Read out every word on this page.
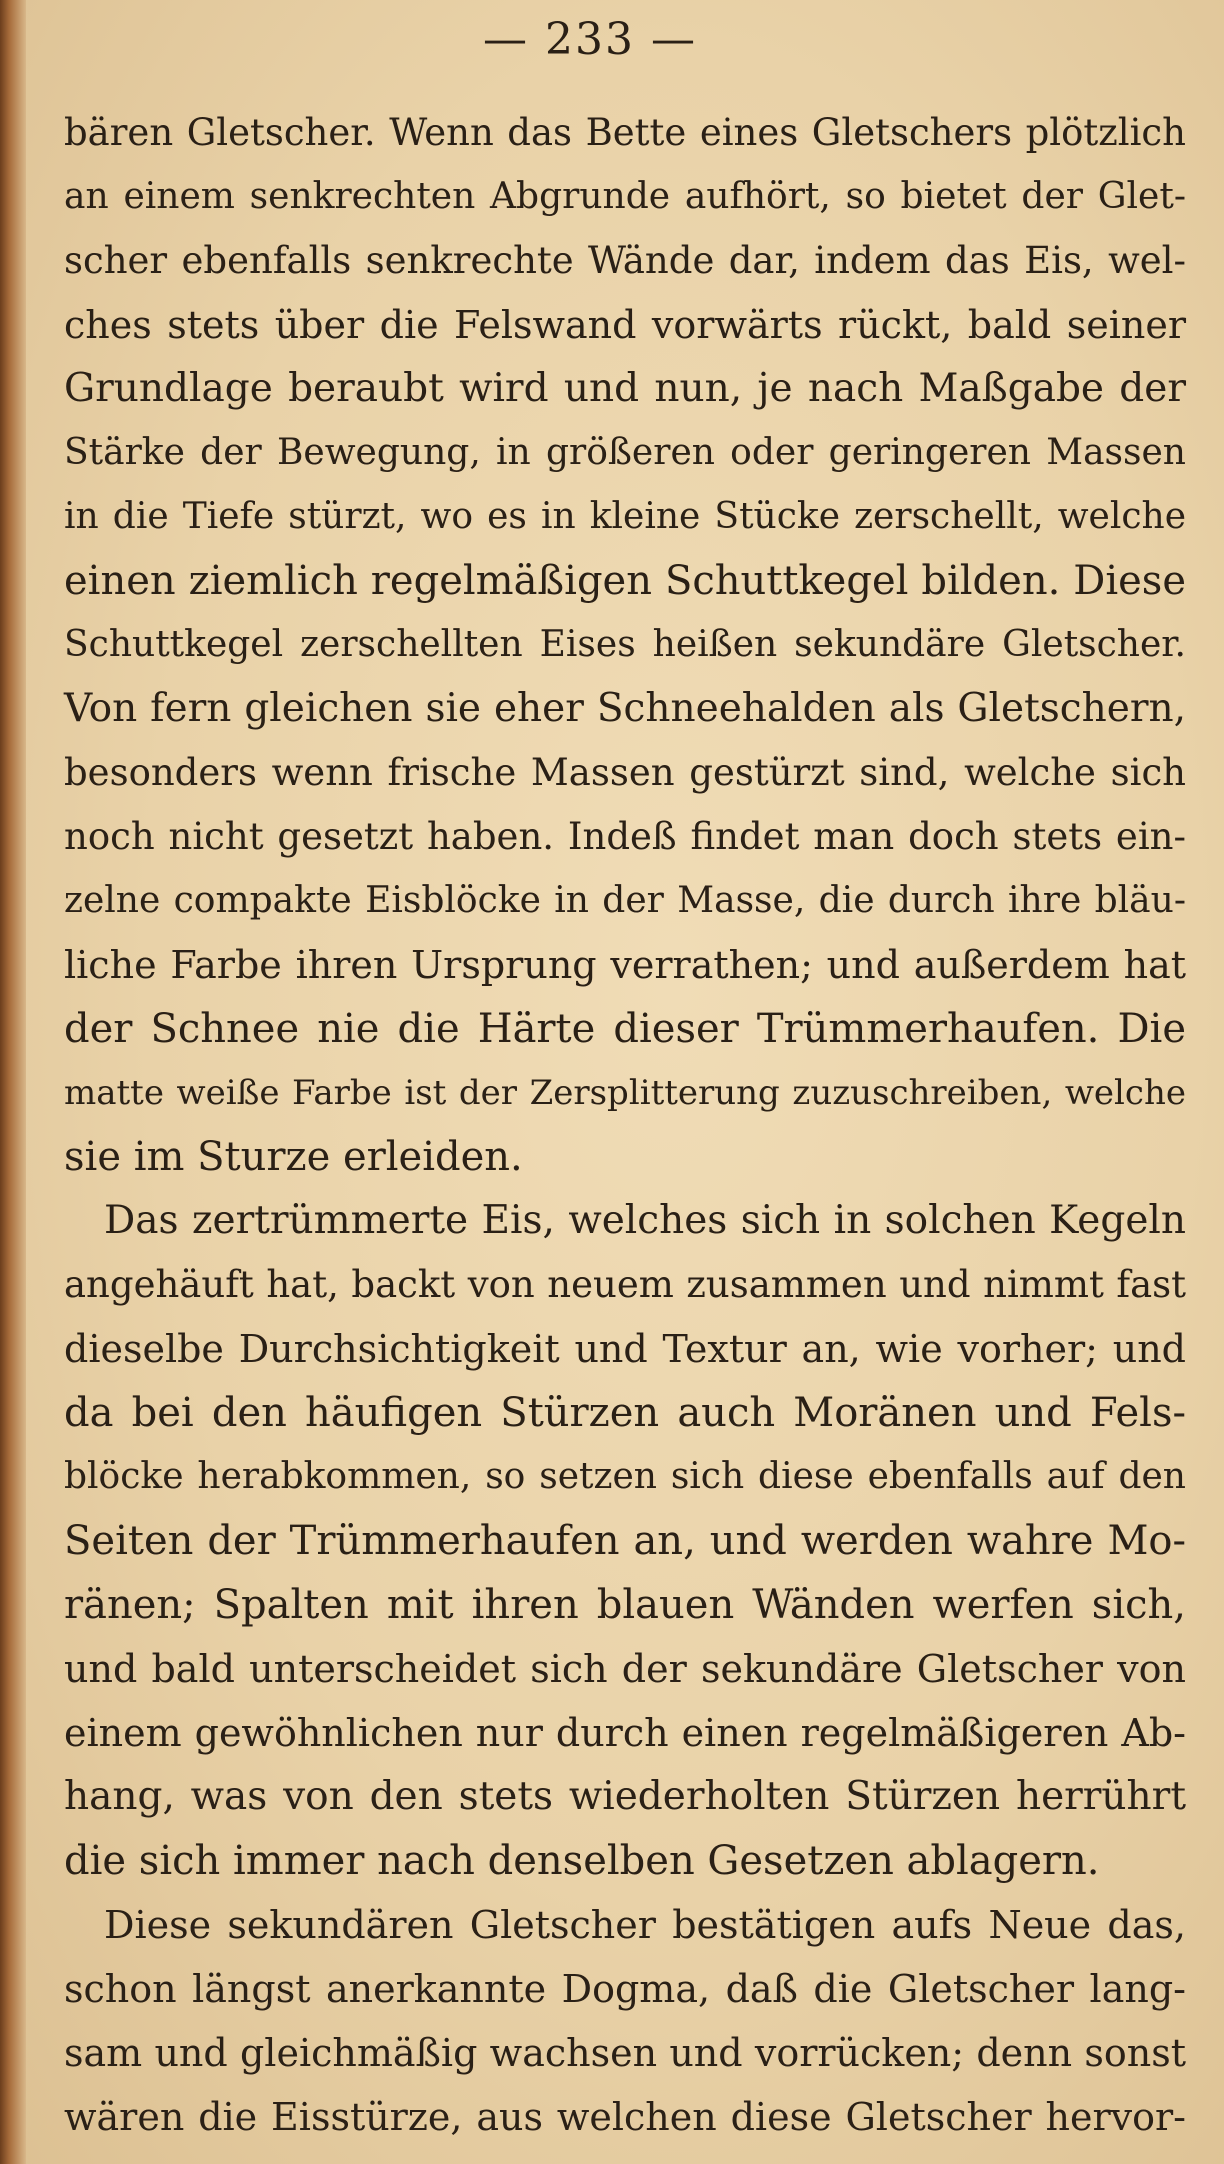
— 233 —
bären Gletscher. Wenn das Bette eines Gletschers plötzlich
an einem senkrechten Abgrunde aufhört, so bietet der Glet-
scher ebenfalls senkrechte Wände dar, indem das Eis, wel-
ches stets über die Felswand vorwärts rückt, bald seiner
Grundlage beraubt wird und nun, je nach Maßgabe der
Stärke der Bewegung, in größeren oder geringeren Massen
in die Tiefe stürzt, wo es in kleine Stücke zerschellt, welche
einen ziemlich regelmäßigen Schuttkegel bilden. Diese
Schuttkegel zerschellten Eises heißen sekundäre Gletscher.
Von fern gleichen sie eher Schneehalden als Gletschern,
besonders wenn frische Massen gestürzt sind, welche sich
noch nicht gesetzt haben. Indeß findet man doch stets ein-
zelne compakte Eisblöcke in der Masse, die durch ihre bläu-
liche Farbe ihren Ursprung verrathen; und außerdem hat
der Schnee nie die Härte dieser Trümmerhaufen. Die
matte weiße Farbe ist der Zersplitterung zuzuschreiben, welche
sie im Sturze erleiden.
Das zertrümmerte Eis, welches sich in solchen Kegeln
angehäuft hat, backt von neuem zusammen und nimmt fast
dieselbe Durchsichtigkeit und Textur an, wie vorher; und
da bei den häufigen Stürzen auch Moränen und Fels-
blöcke herabkommen, so setzen sich diese ebenfalls auf den
Seiten der Trümmerhaufen an, und werden wahre Mo-
ränen; Spalten mit ihren blauen Wänden werfen sich,
und bald unterscheidet sich der sekundäre Gletscher von
einem gewöhnlichen nur durch einen regelmäßigeren Ab-
hang, was von den stets wiederholten Stürzen herrührt
die sich immer nach denselben Gesetzen ablagern.
Diese sekundären Gletscher bestätigen aufs Neue das,
schon längst anerkannte Dogma, daß die Gletscher lang-
sam und gleichmäßig wachsen und vorrücken; denn sonst
wären die Eisstürze, aus welchen diese Gletscher hervor-
